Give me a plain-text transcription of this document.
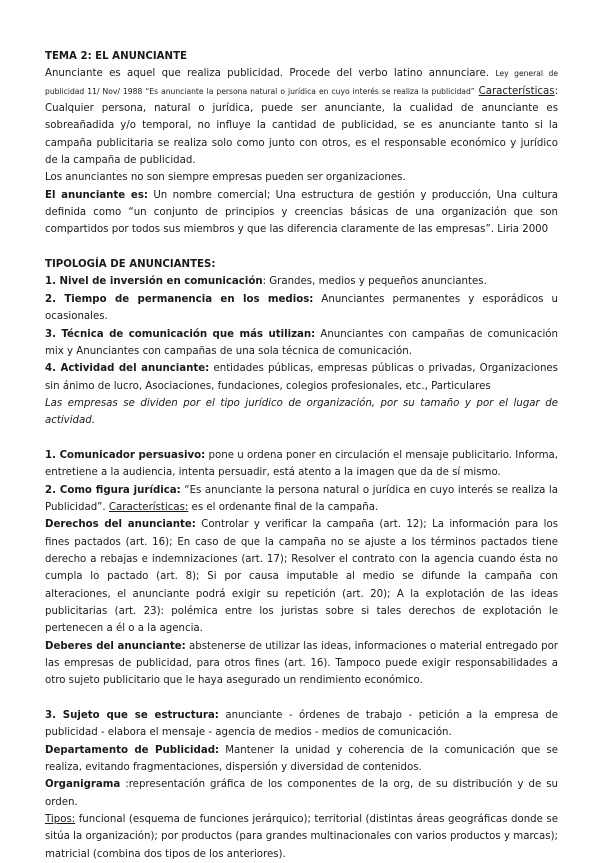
TEMA 2: EL ANUNCIANTE

Anunciante es aquel que realiza publicidad. Procede del verbo latino annunciare. Ley general de publicidad 11/ Nov/ 1988 “Es anunciante la persona natural o jurídica en cuyo interés se realiza la publicidad” Características: Cualquier persona, natural o jurídica, puede ser anunciante, la cualidad de anunciante es sobreañadida y/o temporal, no influye la cantidad de publicidad, se es anunciante tanto si la campaña publicitaria se realiza solo como junto con otros, es el responsable económico y jurídico de la campaña de publicidad.

Los anunciantes no son siempre empresas pueden ser organizaciones.

El anunciante es: Un nombre comercial; Una estructura de gestión y producción, Una cultura definida como “un conjunto de principios y creencias básicas de una organización que son compartidos por todos sus miembros y que las diferencia claramente de las empresas”. Liria 2000

TIPOLOGÍA DE ANUNCIANTES:

1. Nivel de inversión en comunicación: Grandes, medios y pequeños anunciantes.

2. Tiempo de permanencia en los medios: Anunciantes permanentes y esporádicos u ocasionales.

3. Técnica de comunicación que más utilizan: Anunciantes con campañas de comunicación mix y Anunciantes con campañas de una sola técnica de comunicación.

4. Actividad del anunciante: entidades públicas, empresas públicas o privadas, Organizaciones sin ánimo de lucro, Asociaciones, fundaciones, colegios profesionales, etc., Particulares

Las empresas se dividen por el tipo jurídico de organización, por su tamaño y por el lugar de actividad.

1. Comunicador persuasivo: pone u ordena poner en circulación el mensaje publicitario. Informa, entretiene a la audiencia, intenta persuadir, está atento a la imagen que da de sí mismo.

2. Como figura jurídica: “Es anunciante la persona natural o jurídica en cuyo interés se realiza la Publicidad”. Características: es el ordenante final de la campaña.

Derechos del anunciante: Controlar y verificar la campaña (art. 12); La información para los fines pactados (art. 16); En caso de que la campaña no se ajuste a los términos pactados tiene derecho a rebajas e indemnizaciones (art. 17); Resolver el contrato con la agencia cuando ésta no cumpla lo pactado (art. 8); Si por causa imputable al medio se difunde la campaña con alteraciones, el anunciante podrá exigir su repetición (art. 20); A la explotación de las ideas publicitarias (art. 23): polémica entre los juristas sobre si tales derechos de explotación le pertenecen a él o a la agencia.

Deberes del anunciante: abstenerse de utilizar las ideas, informaciones o material entregado por las empresas de publicidad, para otros fines (art. 16). Tampoco puede exigir responsabilidades a otro sujeto publicitario que le haya asegurado un rendimiento económico.

3. Sujeto que se estructura: anunciante - órdenes de trabajo - petición a la empresa de publicidad - elabora el mensaje - agencia de medios - medios de comunicación.

Departamento de Publicidad: Mantener la unidad y coherencia de la comunicación que se realiza, evitando fragmentaciones, dispersión y diversidad de contenidos.

Organigrama :representación gráfica de los componentes de la org, de su distribución y de su orden.

Tipos: funcional (esquema de funciones jerárquico); territorial (distintas áreas geográficas donde se sitúa la organización); por productos (para grandes multinacionales con varios productos y marcas); matricial (combina dos tipos de los anteriores).
